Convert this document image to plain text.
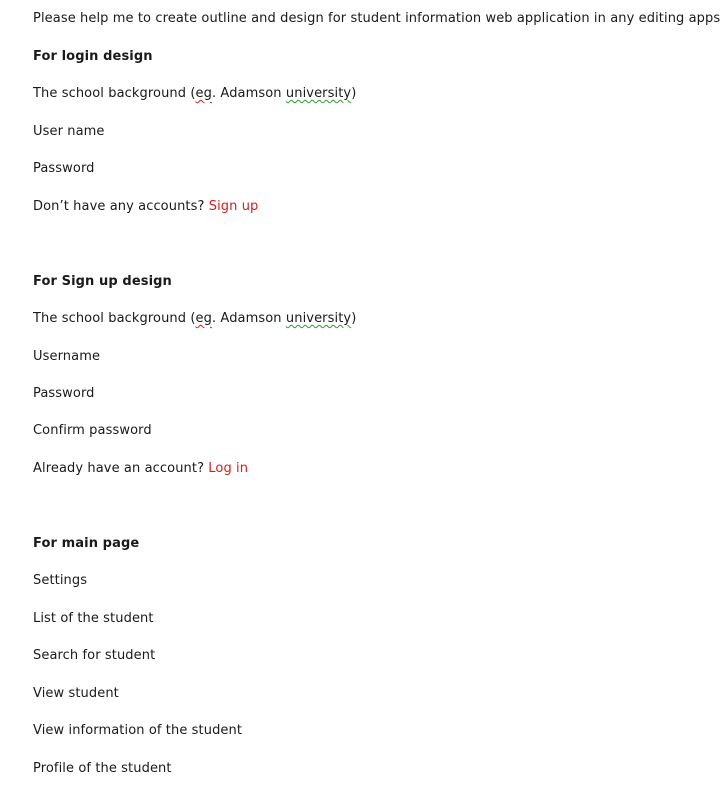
Please help me to create outline and design for student information web application in any editing apps
For login design
The school background (eg. Adamson university)
User name
Password
Don’t have any accounts? Sign up
For Sign up design
The school background (eg. Adamson university)
Username
Password
Confirm password
Already have an account? Log in
For main page
Settings
List of the student
Search for student
View student
View information of the student
Profile of the student
